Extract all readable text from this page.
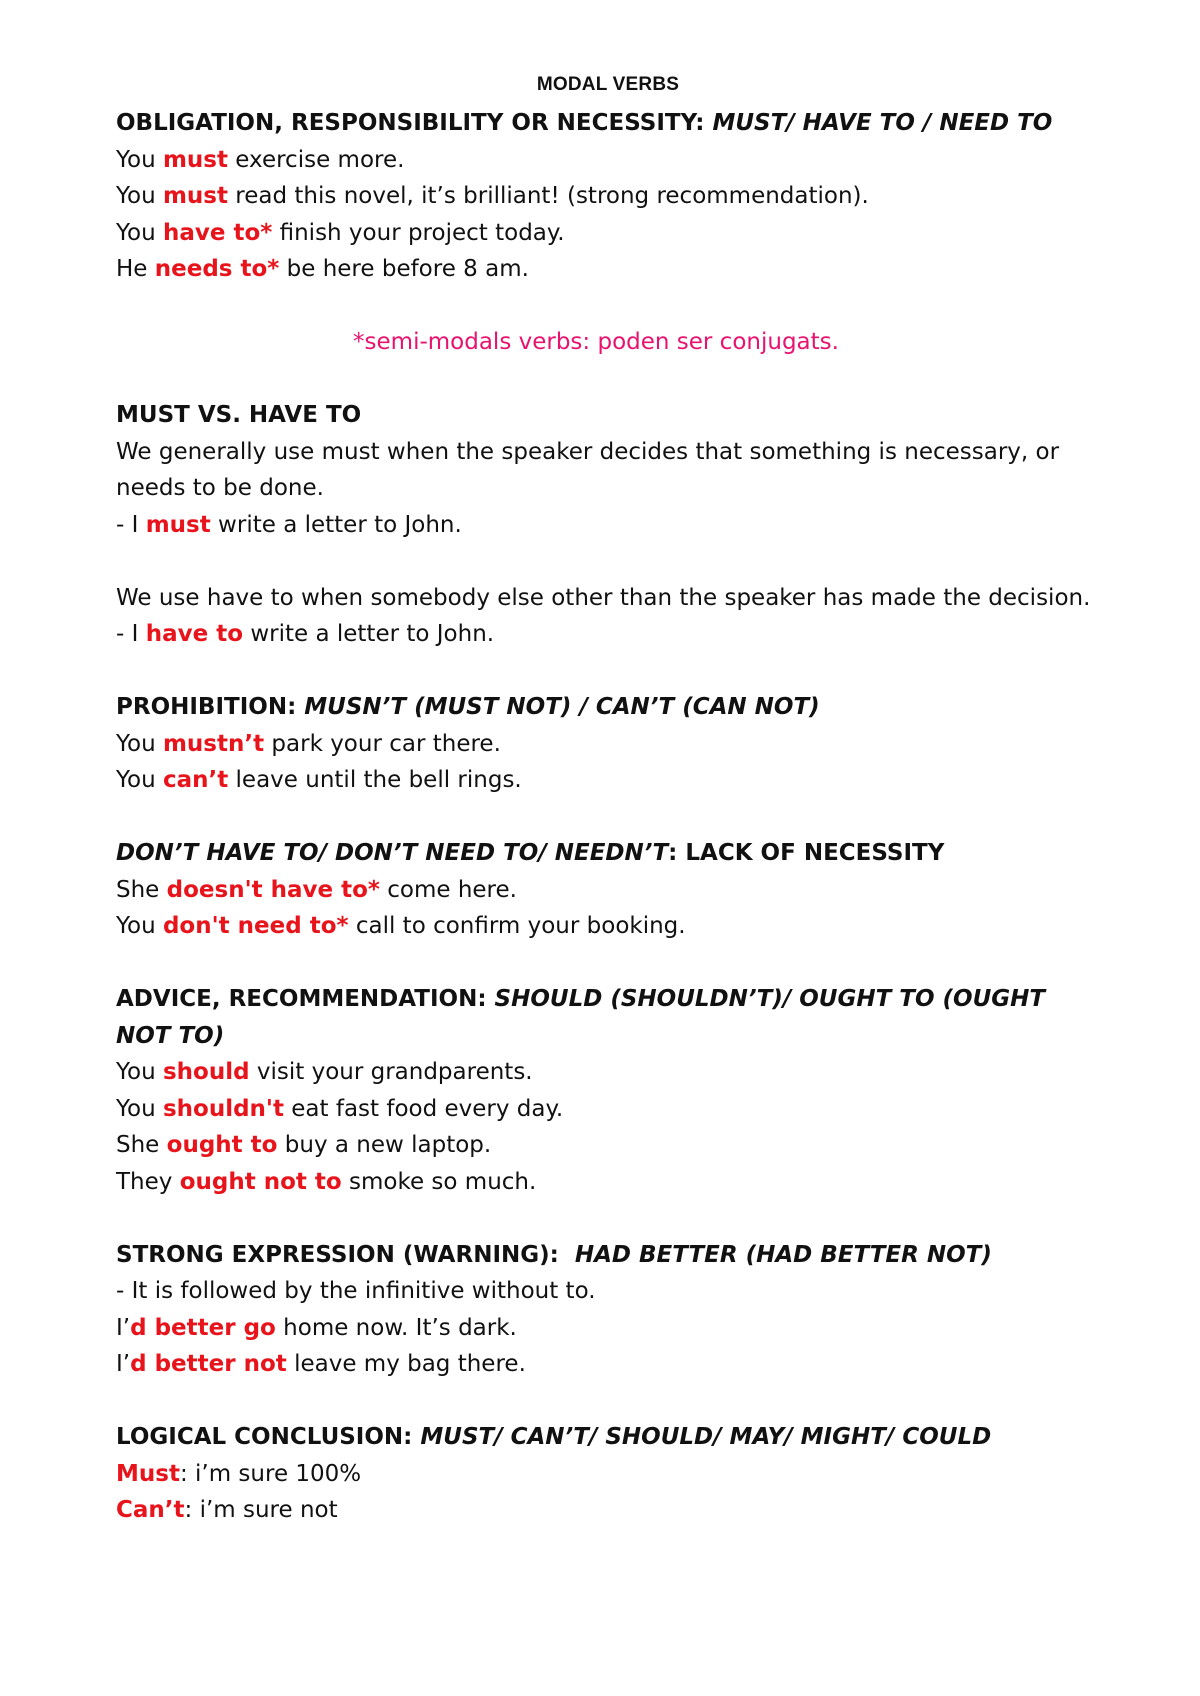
MODAL VERBS
OBLIGATION, RESPONSIBILITY OR NECESSITY: MUST/ HAVE TO / NEED TO
You must exercise more.
You must read this novel, it’s brilliant! (strong recommendation).
You have to* finish your project today.
He needs to* be here before 8 am.
*semi-modals verbs: poden ser conjugats.
MUST VS. HAVE TO
We generally use must when the speaker decides that something is necessary, or needs to be done.
- I must write a letter to John.
We use have to when somebody else other than the speaker has made the decision.
- I have to write a letter to John.
PROHIBITION: MUSN’T (MUST NOT) / CAN’T (CAN NOT)
You mustn’t park your car there.
You can’t leave until the bell rings.
DON’T HAVE TO/ DON’T NEED TO/ NEEDN’T: LACK OF NECESSITY
She doesn't have to* come here.
You don't need to* call to confirm your booking.
ADVICE, RECOMMENDATION: SHOULD (SHOULDN’T)/ OUGHT TO (OUGHT NOT TO)
You should visit your grandparents.
You shouldn't eat fast food every day.
She ought to buy a new laptop.
They ought not to smoke so much.
STRONG EXPRESSION (WARNING):  HAD BETTER (HAD BETTER NOT)
- It is followed by the infinitive without to.
I’d better go home now. It’s dark.
I’d better not leave my bag there.
LOGICAL CONCLUSION: MUST/ CAN’T/ SHOULD/ MAY/ MIGHT/ COULD
Must: i’m sure 100%
Can’t: i’m sure not
